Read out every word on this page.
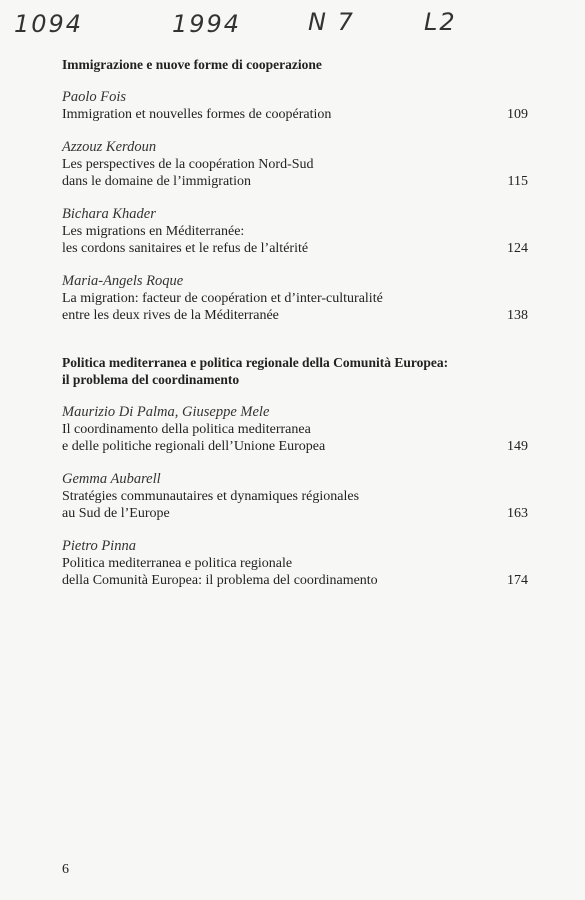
1094	1994	N 7	L2
Immigrazione e nuove forme di cooperazione
Paolo Fois
Immigration et nouvelles formes de coopération	109
Azzouz Kerdoun
Les perspectives de la coopération Nord-Sud
dans le domaine de l’immigration	115
Bichara Khader
Les migrations en Méditerranée:
les cordons sanitaires et le refus de l’altérité	124
Maria-Angels Roque
La migration: facteur de coopération et d’inter-culturalité
entre les deux rives de la Méditerranée	138
Politica mediterranea e politica regionale della Comunità Europea:
il problema del coordinamento
Maurizio Di Palma, Giuseppe Mele
Il coordinamento della politica mediterranea
e delle politiche regionali dell’Unione Europea	149
Gemma Aubarell
Stratégies communautaires et dynamiques régionales
au Sud de l’Europe	163
Pietro Pinna
Politica mediterranea e politica regionale
della Comunità Europea: il problema del coordinamento	174
6
